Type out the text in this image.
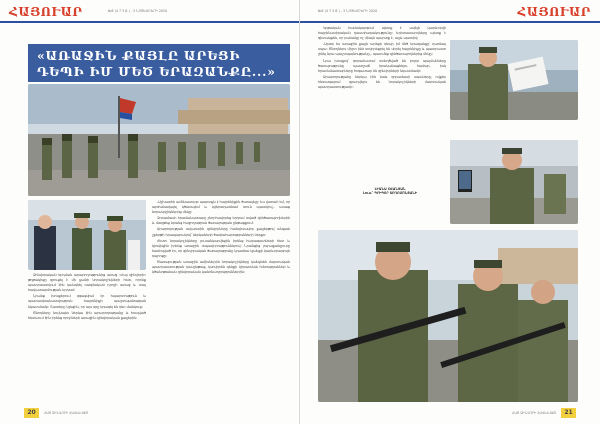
ՀԱՅՈՒԱՐ	№6 (4 7 3 6 ) - 3 ՆՈՅԵՄԲԵՐԻ 2020
«ԱՌԱՋԻՆ ՔԱՅԼԸ ԱՐԵՑԻ ԴԵՊԻ ԻՄ ՄԵԾ ԵՐԱԶԱՆՔԸ...»

Զինվորական երդման արարողությունից առաջ «Հայ զինվորի» թղթակիցը զրուցել է մի քանի նորակոչիկների հետ, որոնք պատրաստվում էին կանգնել ռազմական դրոշի առաջ և տալ հավատարմության երդում։

Նրանց խոսքերում զգացվում էր հպարտություն և պատասխանատվություն հայրենիքի պաշտպանության նկատմամբ։ Շատերը նշեցին, որ այս օրը երազել են դեռ մանկուց։

Ծնողները նույնպես ներկա էին արարողությանը և հուզված հետևում էին իրենց որդիների առաջին զինվորական քայլերին։

-Աշխարհի ամենասուրբ պարտքն է հայրենիքին ծառայելը։ Ես վստահ եմ, որ արժանավայել կծառայեմ և կվերադառնամ տուն պատվով,- ասաց նորակոչիկներից մեկը։

Զորամասի հրամանատարը շնորհավորեց երդում տված զինծառայողներին և մաղթեց նրանց հաջողություն ծառայության ընթացքում։

Արարողության ավարտին զինվորները հանդիսավոր քայլերթով անցան շքերթի հրապարակով՝ ներկաների ծափահարությունների ներքո։

Հետո նորակոչիկները լուսանկարվեցին իրենց հարազատների հետ և կիսվեցին իրենց առաջին տպավորություններով։ Նրանցից յուրաքանչյուրը համոզված էր, որ զինվորական ծառայությունը կդառնա կյանքի կարևորագույն դպրոցը։

Ծառայության առաջին ամիսներին նորակոչիկները կանցնեն մարտական պատրաստության դասընթաց, կսովորեն զենքի կիրառման հմտություններ և կծանոթանան զինվորական կանոնադրություններին։

20	ՀԱՅ ԶԻՆՎՈՐԻ ՀԱՎԵԼՎԱԾ
№6 (4 7 3 6 ) - 3 ՆՈՅԵՄԲԵՐԻ 2020	ՀԱՅՈՒԱՐ

Կրթական համակարգում պետք է ավելի կարևորվի հայրենասիրական դաստիարակությունը։ Երիտասարդները պետք է գիտակցեն, որ բանակը ոչ միայն պարտք է, այլև պատիվ։

-Այսօր ես առաջին քայլն արեցի դեպի իմ մեծ երազանքը՝ դառնալ սպա։ Ծնողներս միշտ ինձ սովորեցրել են սիրել հայրենիքը և պատրաստ լինել նրա պաշտպանությանը,- պատմեց զինծառայողներից մեկը։

Նրա խոսքով՝ զորամասում ստեղծված են բոլոր պայմանները ծառայությունը պատշաճ իրականացնելու համար, իսկ հրամանատարները հոգատար են զինվորների նկատմամբ։

Արարողությանը ներկա էին նաև զորամասի սպաները, ովքեր հետագայում զբաղվելու են նորակոչիկների մարտական պատրաստությամբ։

ԼԻԱՆԱ ՕՀԱՆՅԱՆ
Լուս.՝ ԳՐԻԳՈՐ ՍՈՂՈՄՈՆՅԱՆԻ
ՀԱՅ ԶԻՆՎՈՐԻ ՀԱՎԵԼՎԱԾ	21
